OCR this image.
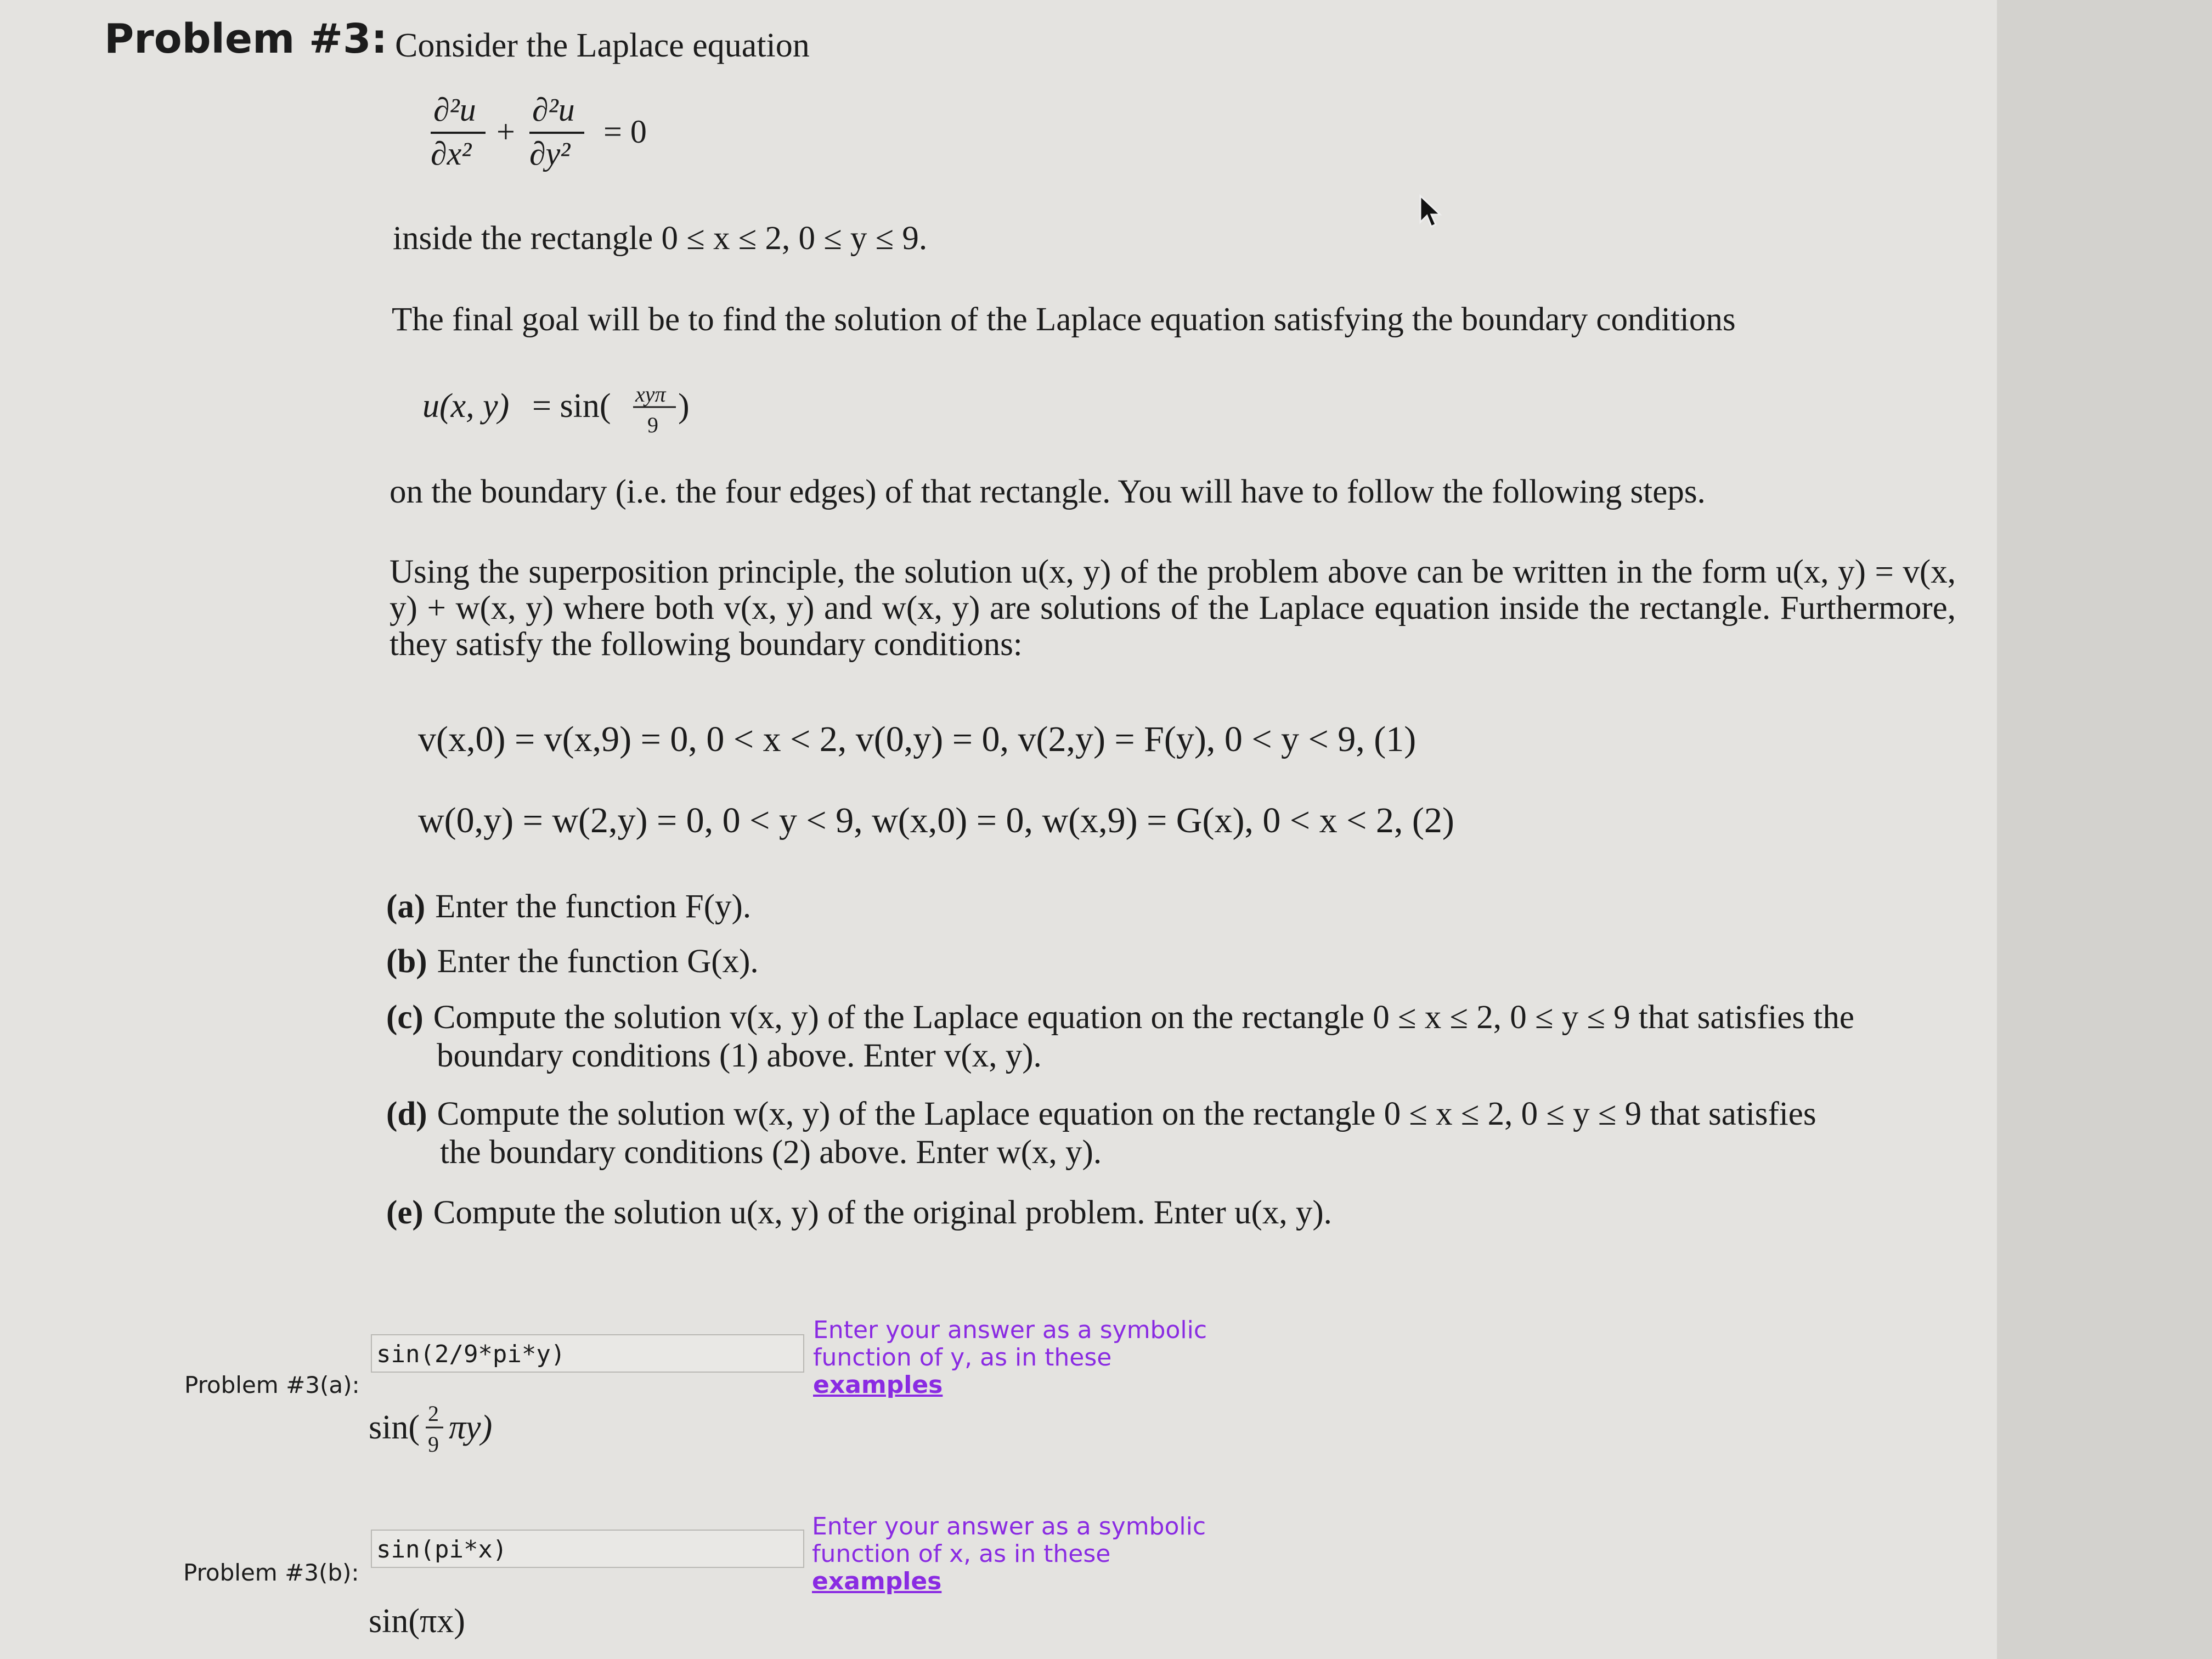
Problem #3: Consider the Laplace equation
∂²u
∂x²
+
∂²u
∂y²
= 0
inside the rectangle 0 ≤ x ≤ 2, 0 ≤ y ≤ 9.
The final goal will be to find the solution of the Laplace equation satisfying the boundary conditions
u(x, y) = sin( xyπ
9
)
on the boundary (i.e. the four edges) of that rectangle. You will have to follow the following steps.
Using the superposition principle, the solution u(x, y) of the problem above can be written in the form u(x, y) = v(x, y) + w(x, y) where both v(x, y) and w(x, y) are solutions of the Laplace equation inside the rectangle. Furthermore, they satisfy the following boundary conditions:
v(x,0) = v(x,9) = 0, 0 < x < 2, v(0,y) = 0, v(2,y) = F(y), 0 < y < 9, (1)
w(0,y) = w(2,y) = 0, 0 < y < 9, w(x,0) = 0, w(x,9) = G(x), 0 < x < 2, (2)
(a) Enter the function F(y).
(b) Enter the function G(x).
(c) Compute the solution v(x, y) of the Laplace equation on the rectangle 0 ≤ x ≤ 2, 0 ≤ y ≤ 9 that satisfies the
boundary conditions (1) above. Enter v(x, y).
(d) Compute the solution w(x, y) of the Laplace equation on the rectangle 0 ≤ x ≤ 2, 0 ≤ y ≤ 9 that satisfies
the boundary conditions (2) above. Enter w(x, y).
(e) Compute the solution u(x, y) of the original problem. Enter u(x, y).
Problem #3(a):
sin(2/9*pi*y)
Enter your answer as a symbolic
function of y, as in these
examples
sin( 2
9 πy)
Problem #3(b):
sin(pi*x)
Enter your answer as a symbolic
function of x, as in these
examples
sin(πx)
